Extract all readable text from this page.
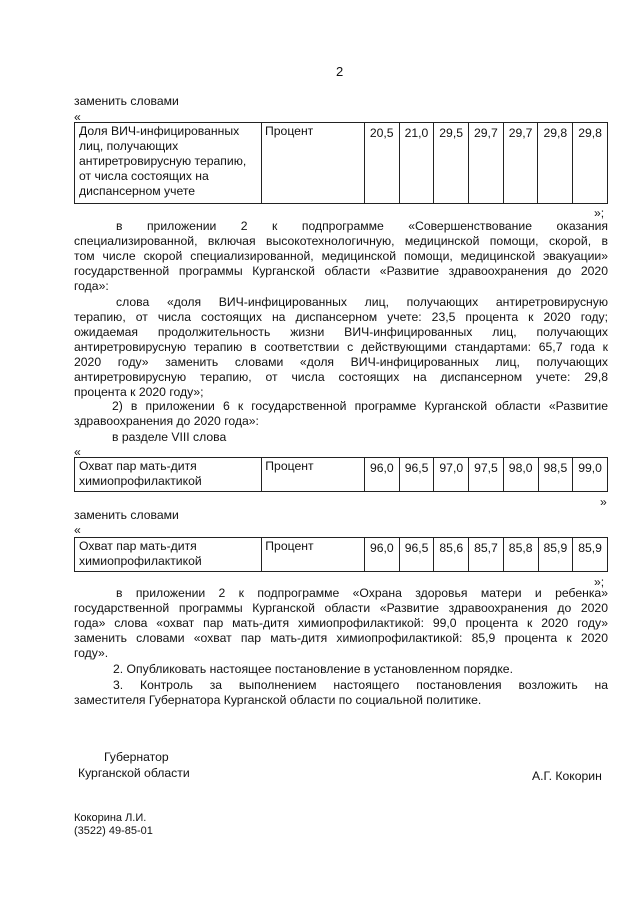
2
заменить словами
«
Доля ВИЧ-инфицированных
лиц, получающих
антиретровирусную терапию,
от числа состоящих на
диспансерном учете
	Процент	20,5	21,0	29,5	29,7	29,7	29,8	29,8
»;
в приложении 2 к подпрограмме «Совершенствование оказания
специализированной, включая высокотехнологичную, медицинской помощи, скорой, в
том числе скорой специализированной, медицинской помощи, медицинской эвакуации»
государственной программы Курганской области «Развитие здравоохранения до 2020
года»:
слова «доля ВИЧ-инфицированных лиц, получающих антиретровирусную
терапию, от числа состоящих на диспансерном учете: 23,5 процента к 2020 году;
ожидаемая продолжительность жизни ВИЧ-инфицированных лиц, получающих
антиретровирусную терапию в соответствии с действующими стандартами: 65,7 года к
2020 году» заменить словами «доля ВИЧ-инфицированных лиц, получающих
антиретровирусную терапию, от числа состоящих на диспансерном учете: 29,8
процента к 2020 году»;
2) в приложении 6 к государственной программе Курганской области «Развитие
здравоохранения до 2020 года»:
в разделе VIII слова
«
Охват пар мать-дитя
химиопрофилактикой
	Процент	96,0	96,5	97,0	97,5	98,0	98,5	99,0
»
заменить словами
«
Охват пар мать-дитя
химиопрофилактикой
	Процент	96,0	96,5	85,6	85,7	85,8	85,9	85,9
»;
в приложении 2 к подпрограмме «Охрана здоровья матери и ребенка»
государственной программы Курганской области «Развитие здравоохранения до 2020
года» слова «охват пар мать-дитя химиопрофилактикой: 99,0 процента к 2020 году»
заменить словами «охват пар мать-дитя химиопрофилактикой: 85,9 процента к 2020
году».
2. Опубликовать настоящее постановление в установленном порядке.
3. Контроль за выполнением настоящего постановления возложить на
заместителя Губернатора Курганской области по социальной политике.
Губернатор
Курганской области	А.Г. Кокорин
Кокорина Л.И.
(3522) 49-85-01
